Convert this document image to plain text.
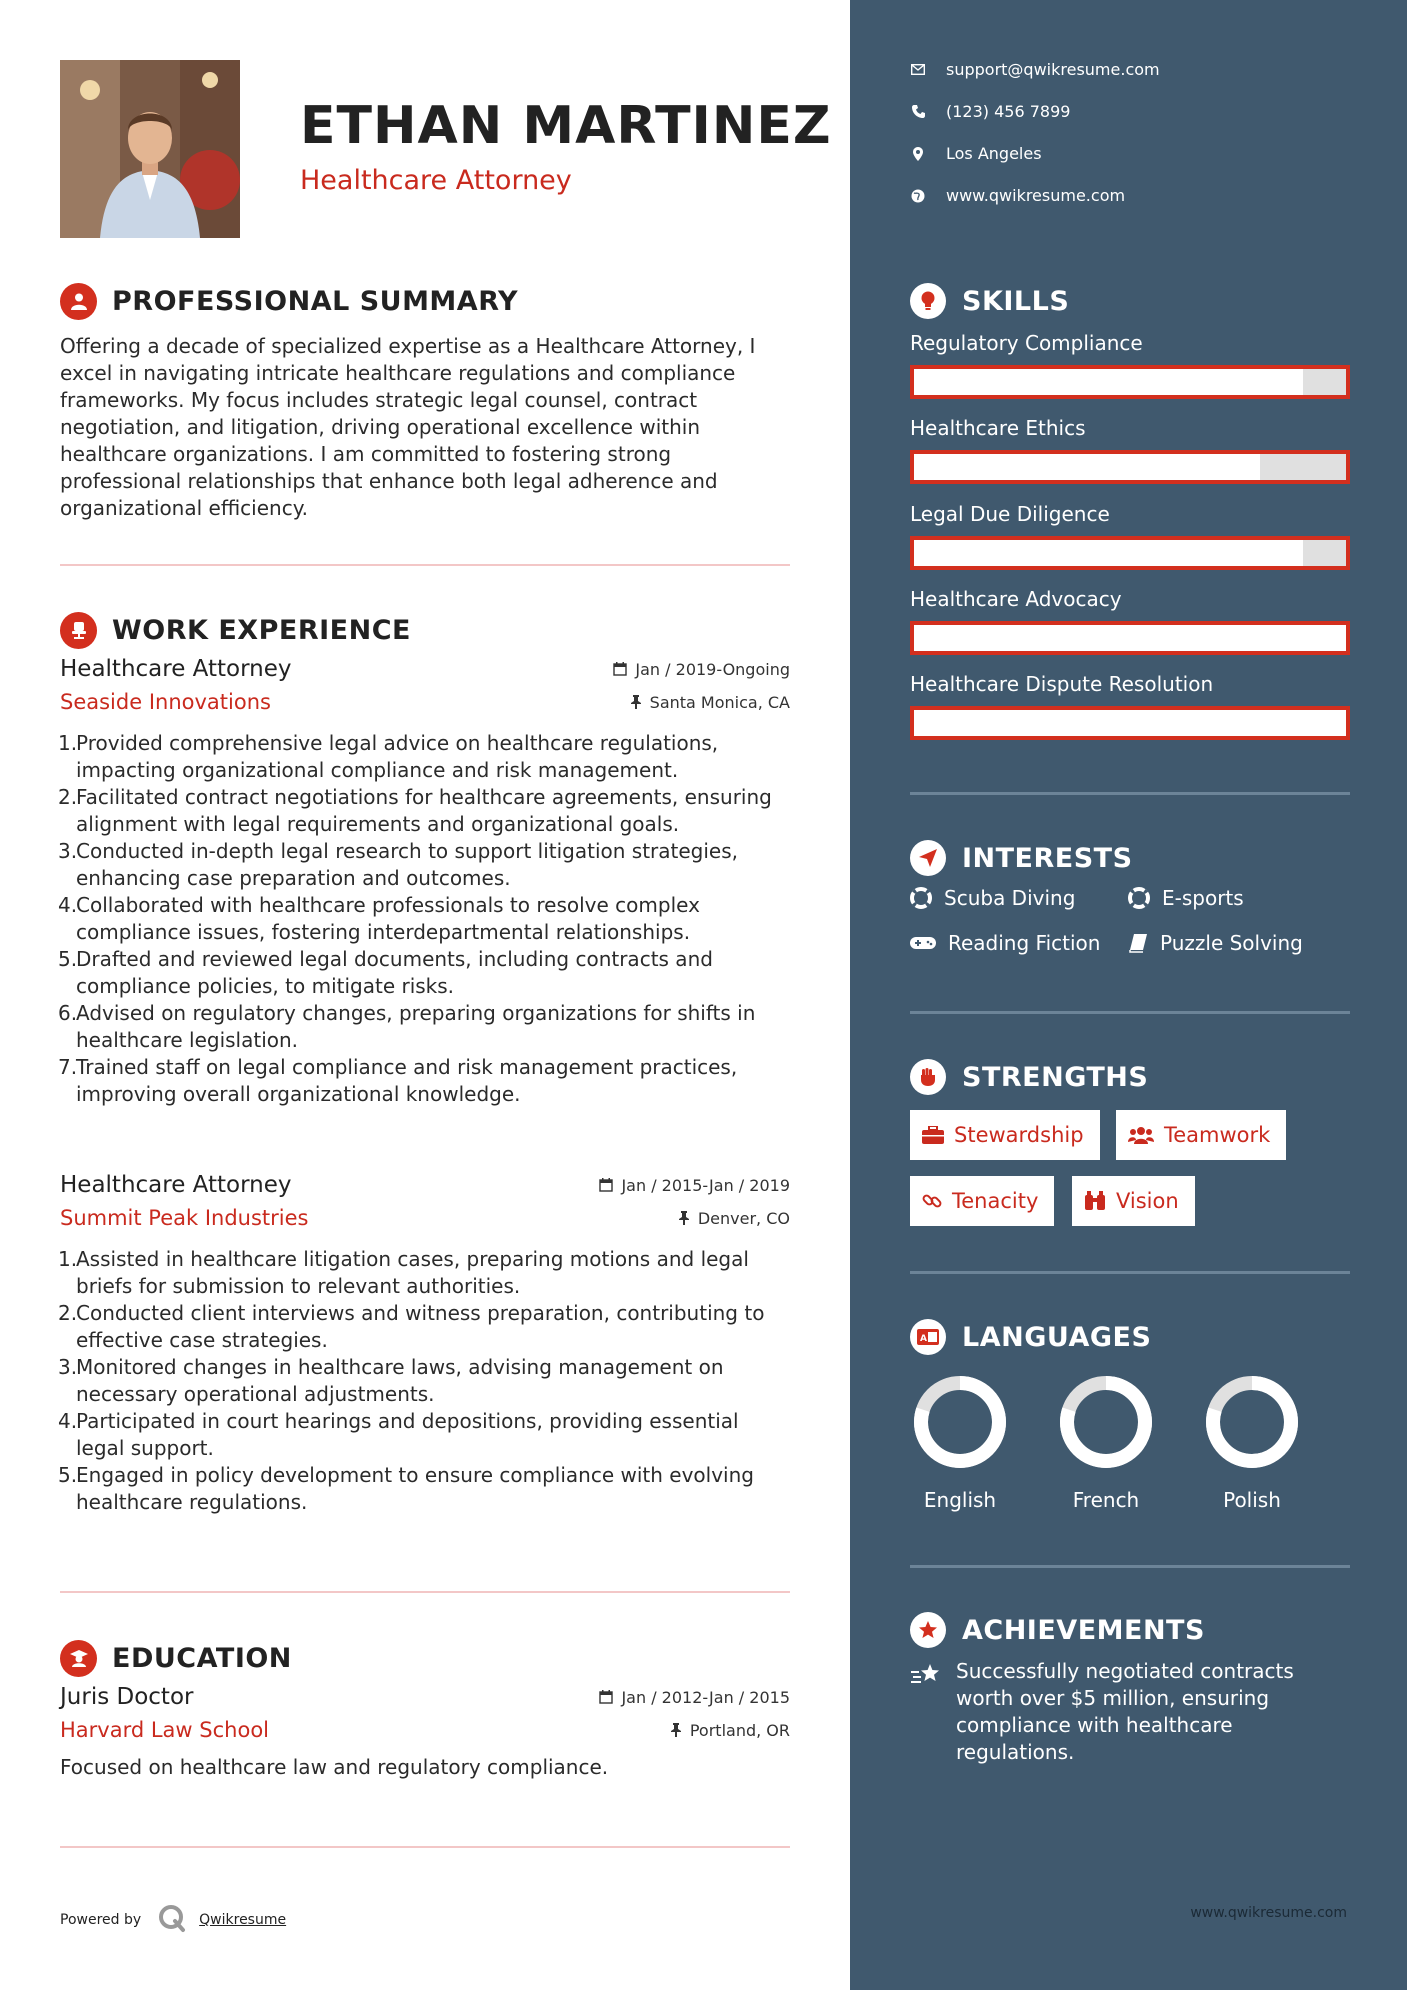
ETHAN MARTINEZ
Healthcare Attorney
PROFESSIONAL SUMMARY

Offering a decade of specialized expertise as a Healthcare Attorney, I excel in navigating intricate healthcare regulations and compliance frameworks. My focus includes strategic legal counsel, contract negotiation, and litigation, driving operational excellence within healthcare organizations. I am committed to fostering strong professional relationships that enhance both legal adherence and organizational efficiency.

WORK EXPERIENCE
Healthcare Attorney	Jan / 2019-Ongoing
Seaside Innovations	Santa Monica, CA
1.
Provided comprehensive legal advice on healthcare regulations, impacting organizational compliance and risk management.
2.
Facilitated contract negotiations for healthcare agreements, ensuring alignment with legal requirements and organizational goals.
3.
Conducted in-depth legal research to support litigation strategies, enhancing case preparation and outcomes.
4.
Collaborated with healthcare professionals to resolve complex compliance issues, fostering interdepartmental relationships.
5.
Drafted and reviewed legal documents, including contracts and compliance policies, to mitigate risks.
6.
Advised on regulatory changes, preparing organizations for shifts in healthcare legislation.
7.
Trained staff on legal compliance and risk management practices, improving overall organizational knowledge.
Healthcare Attorney	Jan / 2015-Jan / 2019
Summit Peak Industries	Denver, CO
1.
Assisted in healthcare litigation cases, preparing motions and legal briefs for submission to relevant authorities.
2.
Conducted client interviews and witness preparation, contributing to effective case strategies.
3.
Monitored changes in healthcare laws, advising management on necessary operational adjustments.
4.
Participated in court hearings and depositions, providing essential legal support.
5.
Engaged in policy development to ensure compliance with evolving healthcare regulations.
EDUCATION
Juris Doctor	Jan / 2012-Jan / 2015
Harvard Law School	Portland, OR

Focused on healthcare law and regulatory compliance.

Powered by	Qwikresume
support@qwikresume.com
(123) 456 7899
Los Angeles
www.qwikresume.com
SKILLS
Regulatory Compliance
Healthcare Ethics
Legal Due Diligence
Healthcare Advocacy
Healthcare Dispute Resolution
INTERESTS
Scuba Diving	E-sports
Reading Fiction	Puzzle Solving
STRENGTHS
Stewardship	Teamwork
Tenacity	Vision
A LANGUAGES
English	French	Polish
ACHIEVEMENTS

Successfully negotiated contracts worth over $5 million, ensuring compliance with healthcare regulations.

www.qwikresume.com
